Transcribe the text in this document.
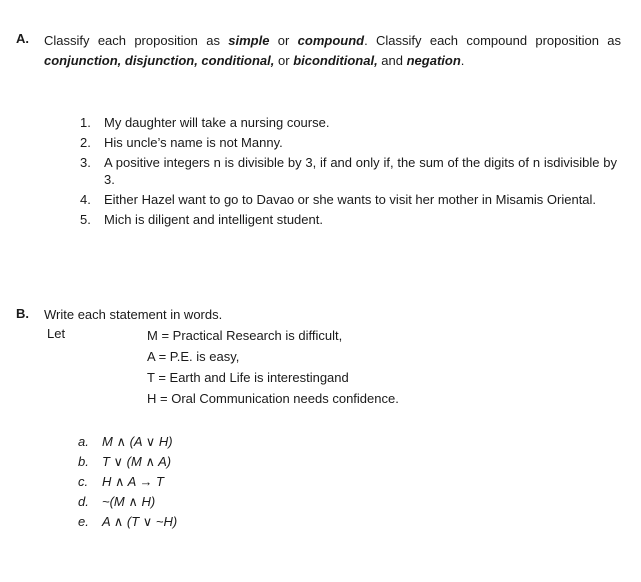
A. Classify each proposition as simple or compound. Classify each compound proposition as conjunction, disjunction, conditional, or biconditional, and negation.
1.	My daughter will take a nursing course.
2.	His uncle’s name is not Manny.
3.	A positive integers n is divisible by 3, if and only if, the sum of the digits of n isdivisible by 3.
4.	Either Hazel want to go to Davao or she wants to visit her mother in Misamis Oriental.
5.	Mich is diligent and intelligent student.
B. Write each statement in words.
Let	M = Practical Research is difficult,
A = P.E. is easy,
T = Earth and Life is interestingand
H = Oral Communication needs confidence.
a.	M ∧ (A ∨ H)
b.	T ∨ (M ∧ A)
c.	H ∧ A → T
d.	~(M ∧ H)
e.	A ∧ (T ∨ ~H)
